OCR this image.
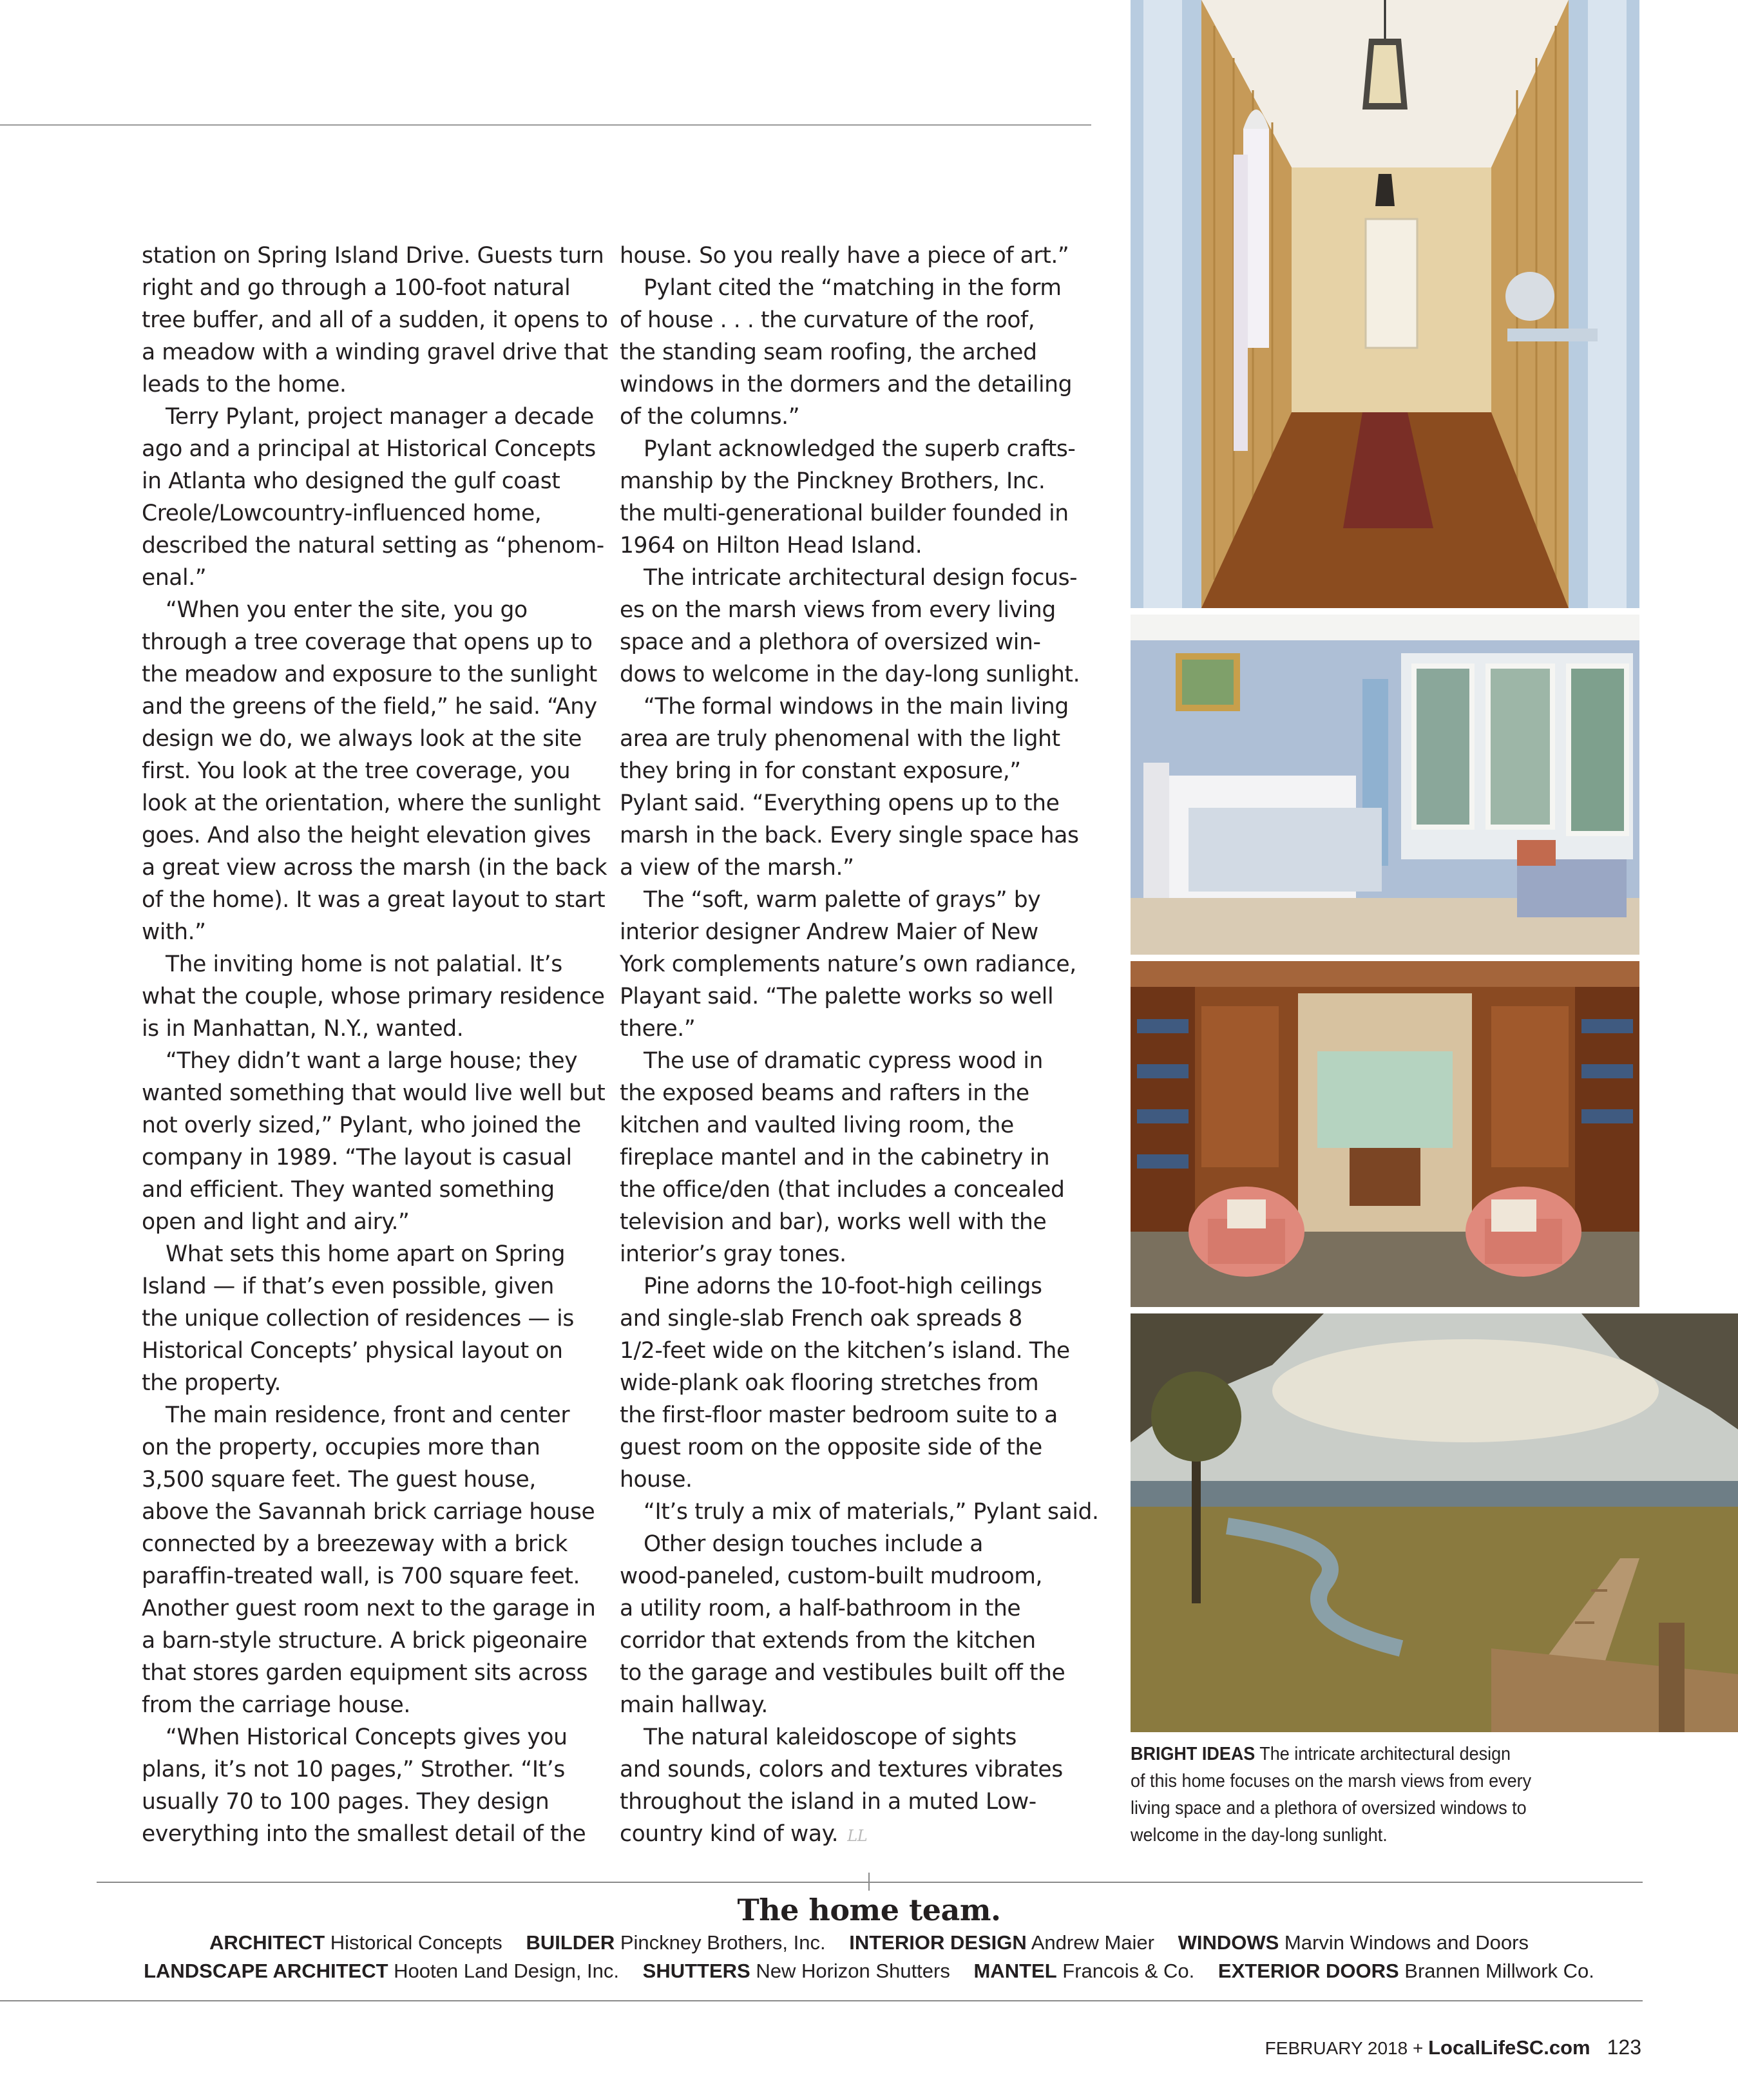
station on Spring Island Drive. Guests turn

right and go through a 100-foot natural

tree buffer, and all of a sudden, it opens to

a meadow with a winding gravel drive that

leads to the home.

Terry Pylant, project manager a decade

ago and a principal at Historical Concepts

in Atlanta who designed the gulf coast

Creole/Lowcountry-influenced home,

described the natural setting as “phenom-

enal.”

“When you enter the site, you go

through a tree coverage that opens up to

the meadow and exposure to the sunlight

and the greens of the field,” he said. “Any

design we do, we always look at the site

first. You look at the tree coverage, you

look at the orientation, where the sunlight

goes. And also the height elevation gives

a great view across the marsh (in the back

of the home). It was a great layout to start

with.”

The inviting home is not palatial. It’s

what the couple, whose primary residence

is in Manhattan, N.Y., wanted.

“They didn’t want a large house; they

wanted something that would live well but

not overly sized,” Pylant, who joined the

company in 1989. “The layout is casual

and efficient. They wanted something

open and light and airy.”

What sets this home apart on Spring

Island — if that’s even possible, given

the unique collection of residences — is

Historical Concepts’ physical layout on

the property.

The main residence, front and center

on the property, occupies more than

3,500 square feet. The guest house,

above the Savannah brick carriage house

connected by a breezeway with a brick

paraffin-treated wall, is 700 square feet.

Another guest room next to the garage in

a barn-style structure. A brick pigeonaire

that stores garden equipment sits across

from the carriage house.

“When Historical Concepts gives you

plans, it’s not 10 pages,” Strother. “It’s

usually 70 to 100 pages. They design

everything into the smallest detail of the

house. So you really have a piece of art.”

Pylant cited the “matching in the form

of house . . . the curvature of the roof,

the standing seam roofing, the arched

windows in the dormers and the detailing

of the columns.”

Pylant acknowledged the superb crafts-

manship by the Pinckney Brothers, Inc.

the multi-generational builder founded in

1964 on Hilton Head Island.

The intricate architectural design focus-

es on the marsh views from every living

space and a plethora of oversized win-

dows to welcome in the day-long sunlight.

“The formal windows in the main living

area are truly phenomenal with the light

they bring in for constant exposure,”

Pylant said. “Everything opens up to the

marsh in the back. Every single space has

a view of the marsh.”

The “soft, warm palette of grays” by

interior designer Andrew Maier of New

York complements nature’s own radiance,

Playant said. “The palette works so well

there.”

The use of dramatic cypress wood in

the exposed beams and rafters in the

kitchen and vaulted living room, the

fireplace mantel and in the cabinetry in

the office/den (that includes a concealed

television and bar), works well with the

interior’s gray tones.

Pine adorns the 10-foot-high ceilings

and single-slab French oak spreads 8

1/2-feet wide on the kitchen’s island. The

wide-plank oak flooring stretches from

the first-floor master bedroom suite to a

guest room on the opposite side of the

house.

“It’s truly a mix of materials,” Pylant said.

Other design touches include a

wood-paneled, custom-built mudroom,

a utility room, a half-bathroom in the

corridor that extends from the kitchen

to the garage and vestibules built off the

main hallway.

The natural kaleidoscope of sights

and sounds, colors and textures vibrates

throughout the island in a muted Low-

country kind of way. LL

BRIGHT IDEAS The intricate architectural design
of this home focuses on the marsh views from every
living space and a plethora of oversized windows to
welcome in the day-long sunlight.
The home team.
ARCHITECT Historical Concepts BUILDER Pinckney Brothers, Inc. INTERIOR DESIGN Andrew Maier WINDOWS Marvin Windows and Doors
LANDSCAPE ARCHITECT Hooten Land Design, Inc. SHUTTERS New Horizon Shutters MANTEL Francois & Co. EXTERIOR DOORS Brannen Millwork Co.
FEBRUARY 2018 + LocalLifeSC.com 123
